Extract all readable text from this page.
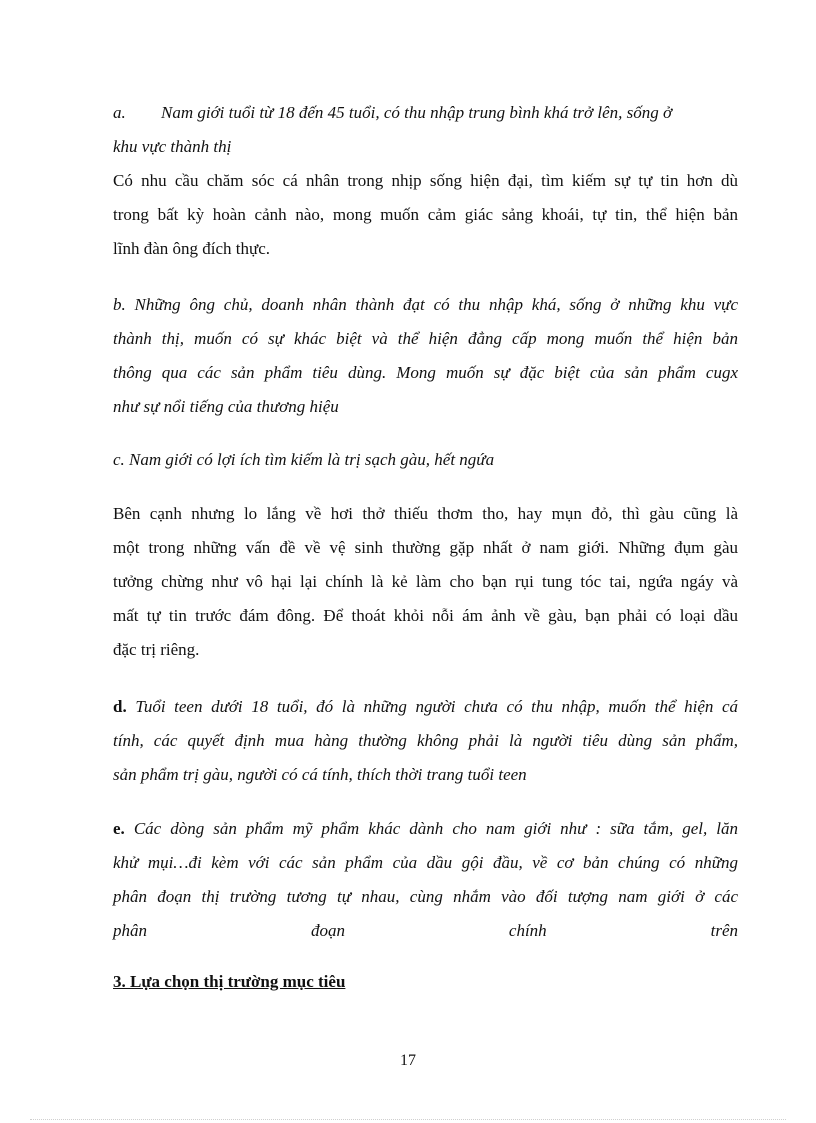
a. Nam giới tuổi từ 18 đến 45 tuổi, có thu nhập trung bình khá trở lên, sống ở
khu vực thành thị
Có nhu cầu chăm sóc cá nhân trong nhịp sống hiện đại, tìm kiếm sự tự tin hơn dù
trong bất kỳ hoàn cảnh nào, mong muốn cảm giác sảng khoái, tự tin, thể hiện bản
lĩnh đàn ông đích thực.
b. Những ông chủ, doanh nhân thành đạt có thu nhập khá, sống ở những khu vực
thành thị, muốn có sự khác biệt và thể hiện đẳng cấp mong muốn thể hiện bản
thông qua các sản phẩm tiêu dùng. Mong muốn sự đặc biệt của sản phẩm cugx
như sự nổi tiếng của thương hiệu
c. Nam giới có lợi ích tìm kiếm là trị sạch gàu, hết ngứa
Bên cạnh nhưng lo lắng về hơi thở thiếu thơm tho, hay mụn đỏ, thì gàu cũng là
một trong những vấn đề về vệ sinh thường gặp nhất ở nam giới. Những đụm gàu
tưởng chừng như vô hại lại chính là kẻ làm cho bạn rụi tung tóc tai, ngứa ngáy và
mất tự tin trước đám đông. Để thoát khỏi nỗi ám ảnh về gàu, bạn phải có loại dầu
đặc trị riêng.
d. Tuổi teen dưới 18 tuổi, đó là những người chưa có thu nhập, muốn thể hiện cá
tính, các quyết định mua hàng thường không phải là người tiêu dùng sản phẩm,
sản phẩm trị gàu, người có cá tính, thích thời trang tuổi teen
e. Các dòng sản phẩm mỹ phẩm khác dành cho nam giới như : sữa tắm, gel, lăn
khử mụi…đi kèm với các sản phẩm của dầu gội đầu, về cơ bản chúng có những
phân đoạn thị trường tương tự nhau, cùng nhắm vào đối tượng nam giới ở các
phân đoạn chính trên
3. Lựa chọn thị trường mục tiêu
17
